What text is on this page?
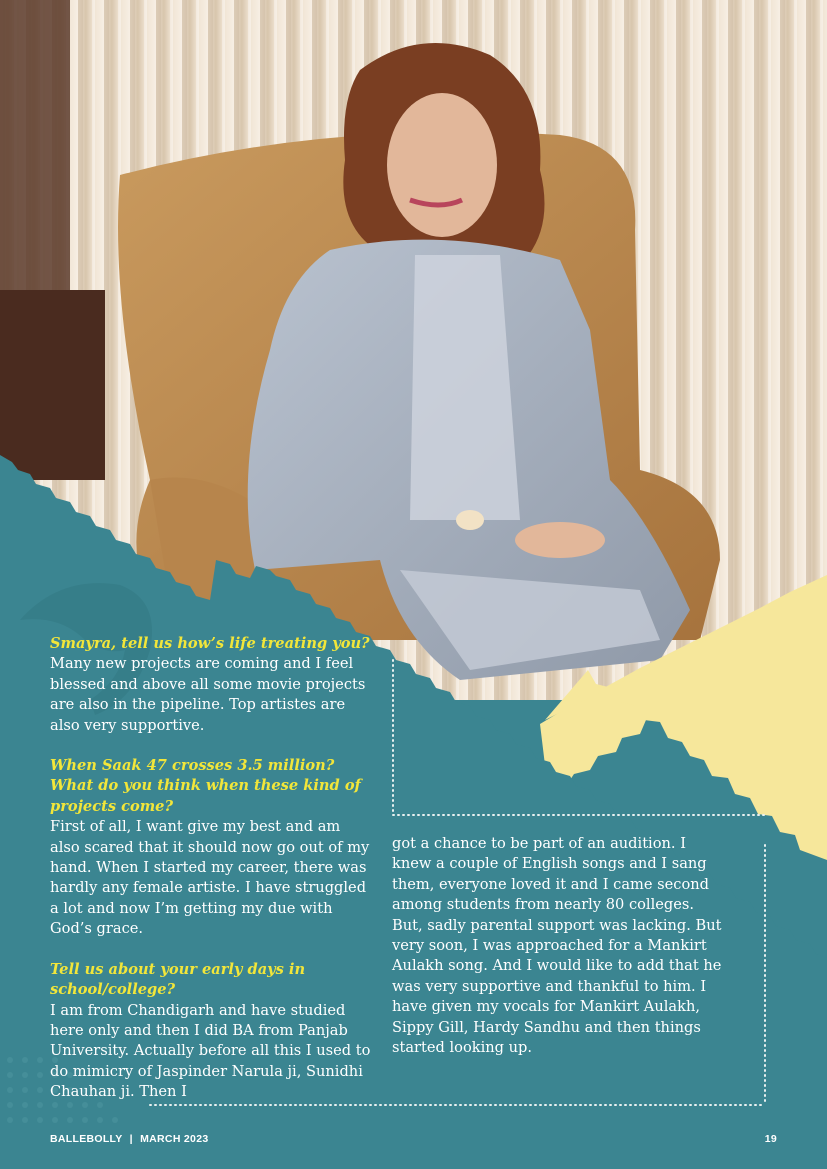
Smayra, tell us how’s life treating you?

Many new projects are coming and I feel blessed and above all some movie projects are also in the pipeline. Top artistes are also very supportive.

When Saak 47 crosses 3.5 million? What do you think when these kind of projects come?

First of all, I want give my best and am also scared that it should now go out of my hand. When I started my career, there was hardly any female artiste. I have struggled a lot and now I’m getting my due with God’s grace.

Tell us about your early days in school/college?

I am from Chandigarh and have studied here only and then I did BA from Panjab University. Actually before all this I used to do mimicry of Jaspinder Narula ji, Sunidhi Chauhan ji. Then I

got a chance to be part of an audition. I knew a couple of English songs and I sang them, everyone loved it and I came second among students from nearly 80 colleges. But, sadly parental support was lacking. But very soon, I was approached for a Mankirt Aulakh song. And I would like to add that he was very supportive and thankful to him. I have given my vocals for Mankirt Aulakh, Sippy Gill, Hardy Sandhu and then things started looking up.

BALLEBOLLY | MARCH 2023	19
